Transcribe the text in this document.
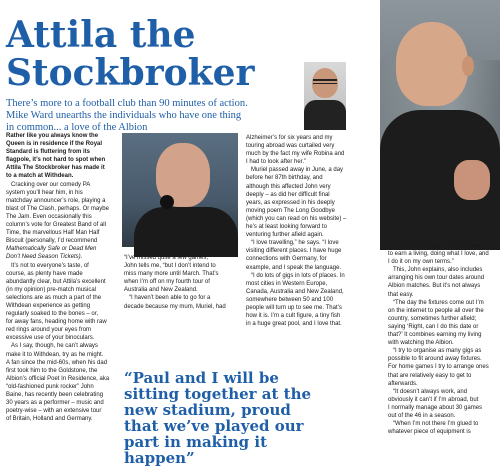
Attila the
Stockbroker
There’s more to a football club than 90 minutes of action.
Mike Ward unearths the individuals who have one thing
in common... a love of the Albion
Rather like you always know the
Queen is in residence if the Royal
Standard is fluttering from its
flagpole, it’s not hard to spot when
Attila The Stockbroker has made it
to a match at Withdean.
Cracking over our comedy PA
system you’ll hear him, in his
matchday announcer’s role, playing a
blast of The Clash, perhaps. Or maybe
The Jam. Even occasionally this
column’s vote for Greatest Band of all
Time, the marvellous Half Man Half
Biscuit (personally, I’d recommend
Mathematically Safe or Dead Men
Don’t Need Season Tickets).
It’s not to everyone’s taste, of
course, as plenty have made
abundantly clear, but Attila’s excellent
(in my opinion) pre-match musical
selections are as much a part of the
Withdean experience as getting
regularly soaked to the bones – or,
for away fans, heading home with raw
red rings around your eyes from
excessive use of your binoculars.
As I say, though, he can’t always
make it to Withdean, try as he might.
A fan since the mid-60s, when his dad
first took him to the Goldstone, the
Albion’s official Poet In Residence, aka
“old-fashioned punk rocker” John
Baine, has recently been celebrating
30 years as a performer – music and
poetry-wise – with an extensive tour
of Britain, Holland and Germany.
“I’ve missed quite a few games,”
John tells me, “but I don’t intend to
miss many more until March. That’s
when I’m off on my fourth tour of
Australia and New Zealand.
“I haven’t been able to go for a
decade because my mum, Muriel, had
Alzheimer’s for six years and my
touring abroad was curtailed very
much by the fact my wife Robina and
I had to look after her.”
Muriel passed away in June, a day
before her 87th birthday, and
although this affected John very
deeply – as did her difficult final
years, as expressed in his deeply
moving poem The Long Goodbye
(which you can read on his website) –
he’s at least looking forward to
venturing further afield again.
“I love travelling,” he says. “I love
visiting different places. I have huge
connections with Germany, for
example, and I speak the language.
“I do lots of gigs in lots of places. In
most cities in Western Europe,
Canada, Australia and New Zealand,
somewhere between 50 and 100
people will turn up to see me. That’s
how it is. I’m a cult figure, a tiny fish
in a huge great pool, and I love that.
“It’s a phenomenally wonderful way
to earn a living, doing what I love, and
I do it on my own terms.”
This, John explains, also includes
arranging his own tour dates around
Albion matches. But it’s not always
that easy.
“The day the fixtures come out I’m
on the internet to people all over the
country, sometimes further afield;
saying ‘Right, can I do this date or
that?’ It combines earning my living
with watching the Albion.
“I try to organise as many gigs as
possible to fit around away fixtures.
For home games I try to arrange ones
that are relatively easy to get to
afterwards.
“It doesn’t always work, and
obviously it can’t if I’m abroad, but
I normally manage about 30 games
out of the 46 in a season.
“When I’m not there I’m glued to
whatever piece of equipment is
“Paul and I will be
sitting together at the
new stadium, proud
that we’ve played our
part in making it
happen”
